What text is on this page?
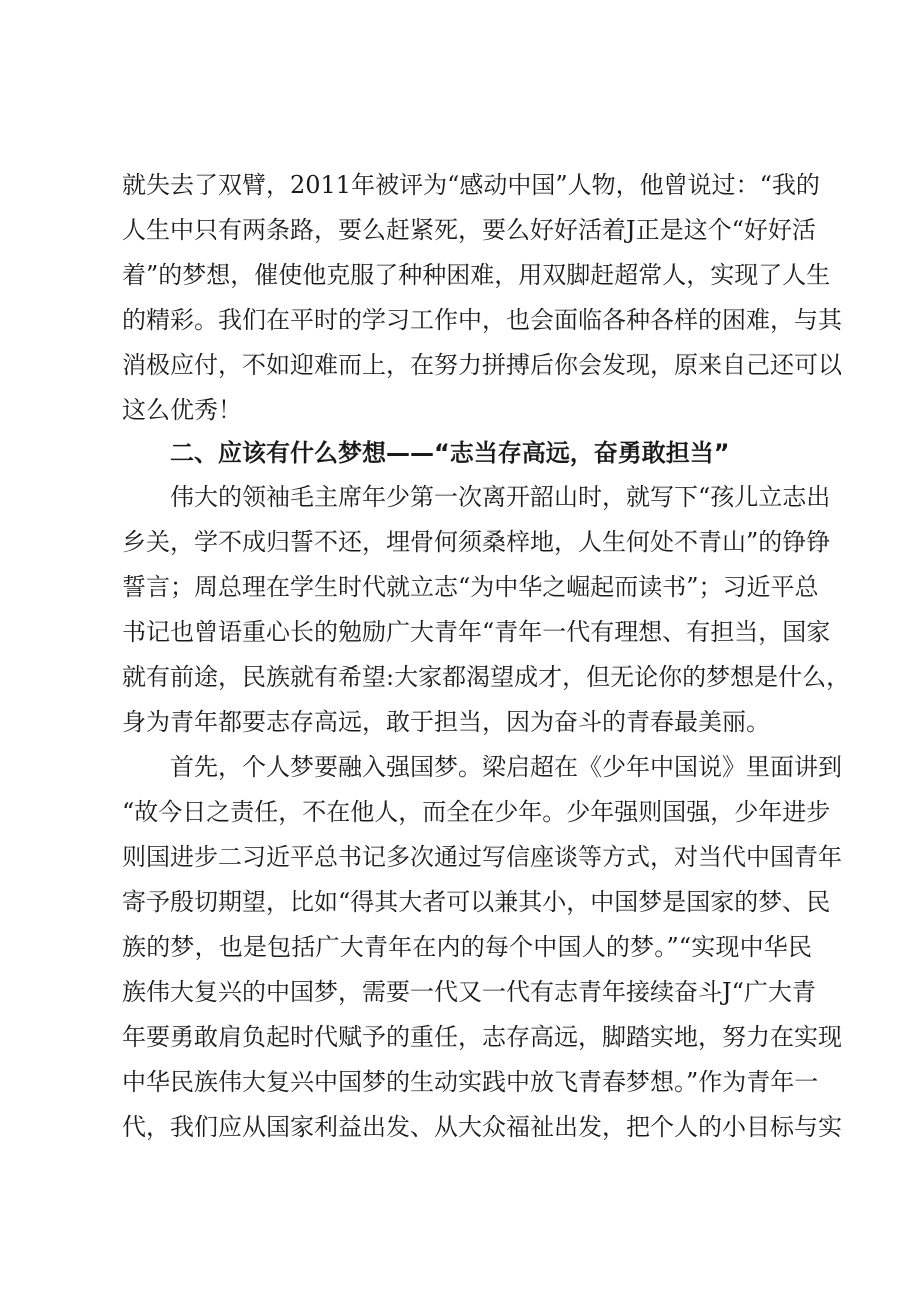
就失去了双臂，2011年被评为“感动中国”人物，他曾说过：“我的
人生中只有两条路，要么赶紧死，要么好好活着J正是这个“好好活
着”的梦想，催使他克服了种种困难，用双脚赶超常人，实现了人生
的精彩。我们在平时的学习工作中，也会面临各种各样的困难，与其
消极应付，不如迎难而上，在努力拼搏后你会发现，原来自己还可以
这么优秀！
二、应该有什么梦想——“志当存高远，奋勇敢担当”
伟大的领袖毛主席年少第一次离开韶山时，就写下“孩儿立志出
乡关，学不成归誓不还，埋骨何须桑梓地，人生何处不青山”的铮铮
誓言；周总理在学生时代就立志“为中华之崛起而读书”；习近平总
书记也曾语重心长的勉励广大青年“青年一代有理想、有担当，国家
就有前途，民族就有希望:大家都渴望成才，但无论你的梦想是什么，
身为青年都要志存高远，敢于担当，因为奋斗的青春最美丽。
首先，个人梦要融入强国梦。梁启超在《少年中国说》里面讲到
“故今日之责任，不在他人，而全在少年。少年强则国强，少年进步
则国进步二习近平总书记多次通过写信座谈等方式，对当代中国青年
寄予殷切期望，比如“得其大者可以兼其小，中国梦是国家的梦、民
族的梦，也是包括广大青年在内的每个中国人的梦。”“实现中华民
族伟大复兴的中国梦，需要一代又一代有志青年接续奋斗J“广大青
年要勇敢肩负起时代赋予的重任，志存高远，脚踏实地，努力在实现
中华民族伟大复兴中国梦的生动实践中放飞青春梦想。”作为青年一
代，我们应从国家利益出发、从大众福祉出发，把个人的小目标与实
